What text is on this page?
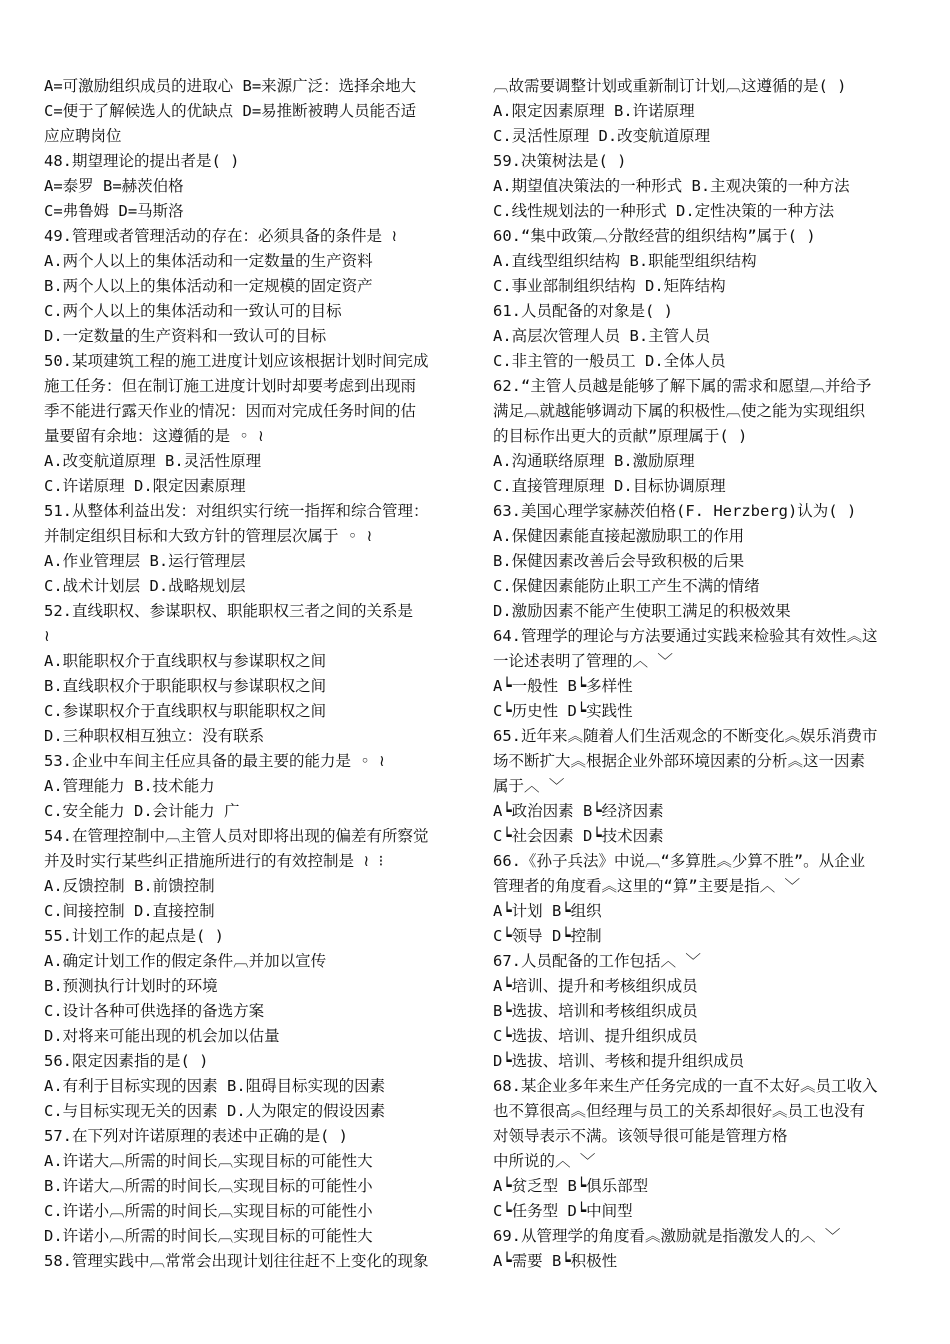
A=可激励组织成员的进取心 B=来源广泛：选择余地大
C=便于了解候选人的优缺点 D=易推断被聘人员能否适
应应聘岗位
48.期望理论的提出者是( )
A=泰罗 B=赫茨伯格
C=弗鲁姆 D=马斯洛
49.管理或者管理活动的存在：必须具备的条件是 ≀
A.两个人以上的集体活动和一定数量的生产资料
B.两个人以上的集体活动和一定规模的固定资产
C.两个人以上的集体活动和一致认可的目标
D.一定数量的生产资料和一致认可的目标
50.某项建筑工程的施工进度计划应该根据计划时间完成
施工任务：但在制订施工进度计划时却要考虑到出现雨
季不能进行露天作业的情况：因而对完成任务时间的估
量要留有余地：这遵循的是 ◦ ≀
A.改变航道原理 B.灵活性原理
C.许诺原理 D.限定因素原理
51.从整体利益出发：对组织实行统一指挥和综合管理：
并制定组织目标和大致方针的管理层次属于 ◦ ≀
A.作业管理层 B.运行管理层
C.战术计划层 D.战略规划层
52.直线职权、参谋职权、职能职权三者之间的关系是
≀
A.职能职权介于直线职权与参谋职权之间
B.直线职权介于职能职权与参谋职权之间
C.参谋职权介于直线职权与职能职权之间
D.三种职权相互独立：没有联系
53.企业中车间主任应具备的最主要的能力是 ◦ ≀
A.管理能力 B.技术能力
C.安全能力 D.会计能力 广
54.在管理控制中︹主管人员对即将出现的偏差有所察觉
并及时实行某些纠正措施所进行的有效控制是 ≀ ⁝
A.反馈控制 B.前馈控制
C.间接控制 D.直接控制
55.计划工作的起点是( )
A.确定计划工作的假定条件︹并加以宣传
B.预测执行计划时的环境
C.设计各种可供选择的备选方案
D.对将来可能出现的机会加以估量
56.限定因素指的是( )
A.有利于目标实现的因素 B.阻碍目标实现的因素
C.与目标实现无关的因素 D.人为限定的假设因素
57.在下列对许诺原理的表述中正确的是( )
A.许诺大︹所需的时间长︹实现目标的可能性大
B.许诺大︹所需的时间长︹实现目标的可能性小
C.许诺小︹所需的时间长︹实现目标的可能性小
D.许诺小︹所需的时间长︹实现目标的可能性大
58.管理实践中︹常常会出现计划往往赶不上变化的现象
︹故需要调整计划或重新制订计划︹这遵循的是( )
A.限定因素原理 B.许诺原理
C.灵活性原理 D.改变航道原理
59.决策树法是( )
A.期望值决策法的一种形式 B.主观决策的一种方法
C.线性规划法的一种形式 D.定性决策的一种方法
60.“集中政策︹分散经营的组织结构”属于( )
A.直线型组织结构 B.职能型组织结构
C.事业部制组织结构 D.矩阵结构
61.人员配备的对象是( )
A.高层次管理人员 B.主管人员
C.非主管的一般员工 D.全体人员
62.“主管人员越是能够了解下属的需求和愿望︹并给予
满足︹就越能够调动下属的积极性︹使之能为实现组织
的目标作出更大的贡献”原理属于( )
A.沟通联络原理 B.激励原理
C.直接管理原理 D.目标协调原理
63.美国心理学家赫茨伯格(F. Herzberg)认为( )
A.保健因素能直接起激励职工的作用
B.保健因素改善后会导致积极的后果
C.保健因素能防止职工产生不满的情绪
D.激励因素不能产生使职工满足的积极效果
64.管理学的理论与方法要通过实践来检验其有效性︽这
一论述表明了管理的︿ ﹀
A┕一般性 B┕多样性
C┕历史性 D┕实践性
65.近年来︽随着人们生活观念的不断变化︽娱乐消费市
场不断扩大︽根据企业外部环境因素的分析︽这一因素
属于︿ ﹀
A┕政治因素 B┕经济因素
C┕社会因素 D┕技术因素
66.《孙子兵法》中说︹“多算胜︽少算不胜”。从企业
管理者的角度看︽这里的“算”主要是指︿ ﹀
A┕计划 B┕组织
C┕领导 D┕控制
67.人员配备的工作包括︿ ﹀
A┕培训、提升和考核组织成员
B┕选拔、培训和考核组织成员
C┕选拔、培训、提升组织成员
D┕选拔、培训、考核和提升组织成员
68.某企业多年来生产任务完成的一直不太好︽员工收入
也不算很高︽但经理与员工的关系却很好︽员工也没有
对领导表示不满。该领导很可能是管理方格
中所说的︿ ﹀
A┕贫乏型 B┕俱乐部型
C┕任务型 D┕中间型
69.从管理学的角度看︽激励就是指激发人的︿ ﹀
A┕需要 B┕积极性
